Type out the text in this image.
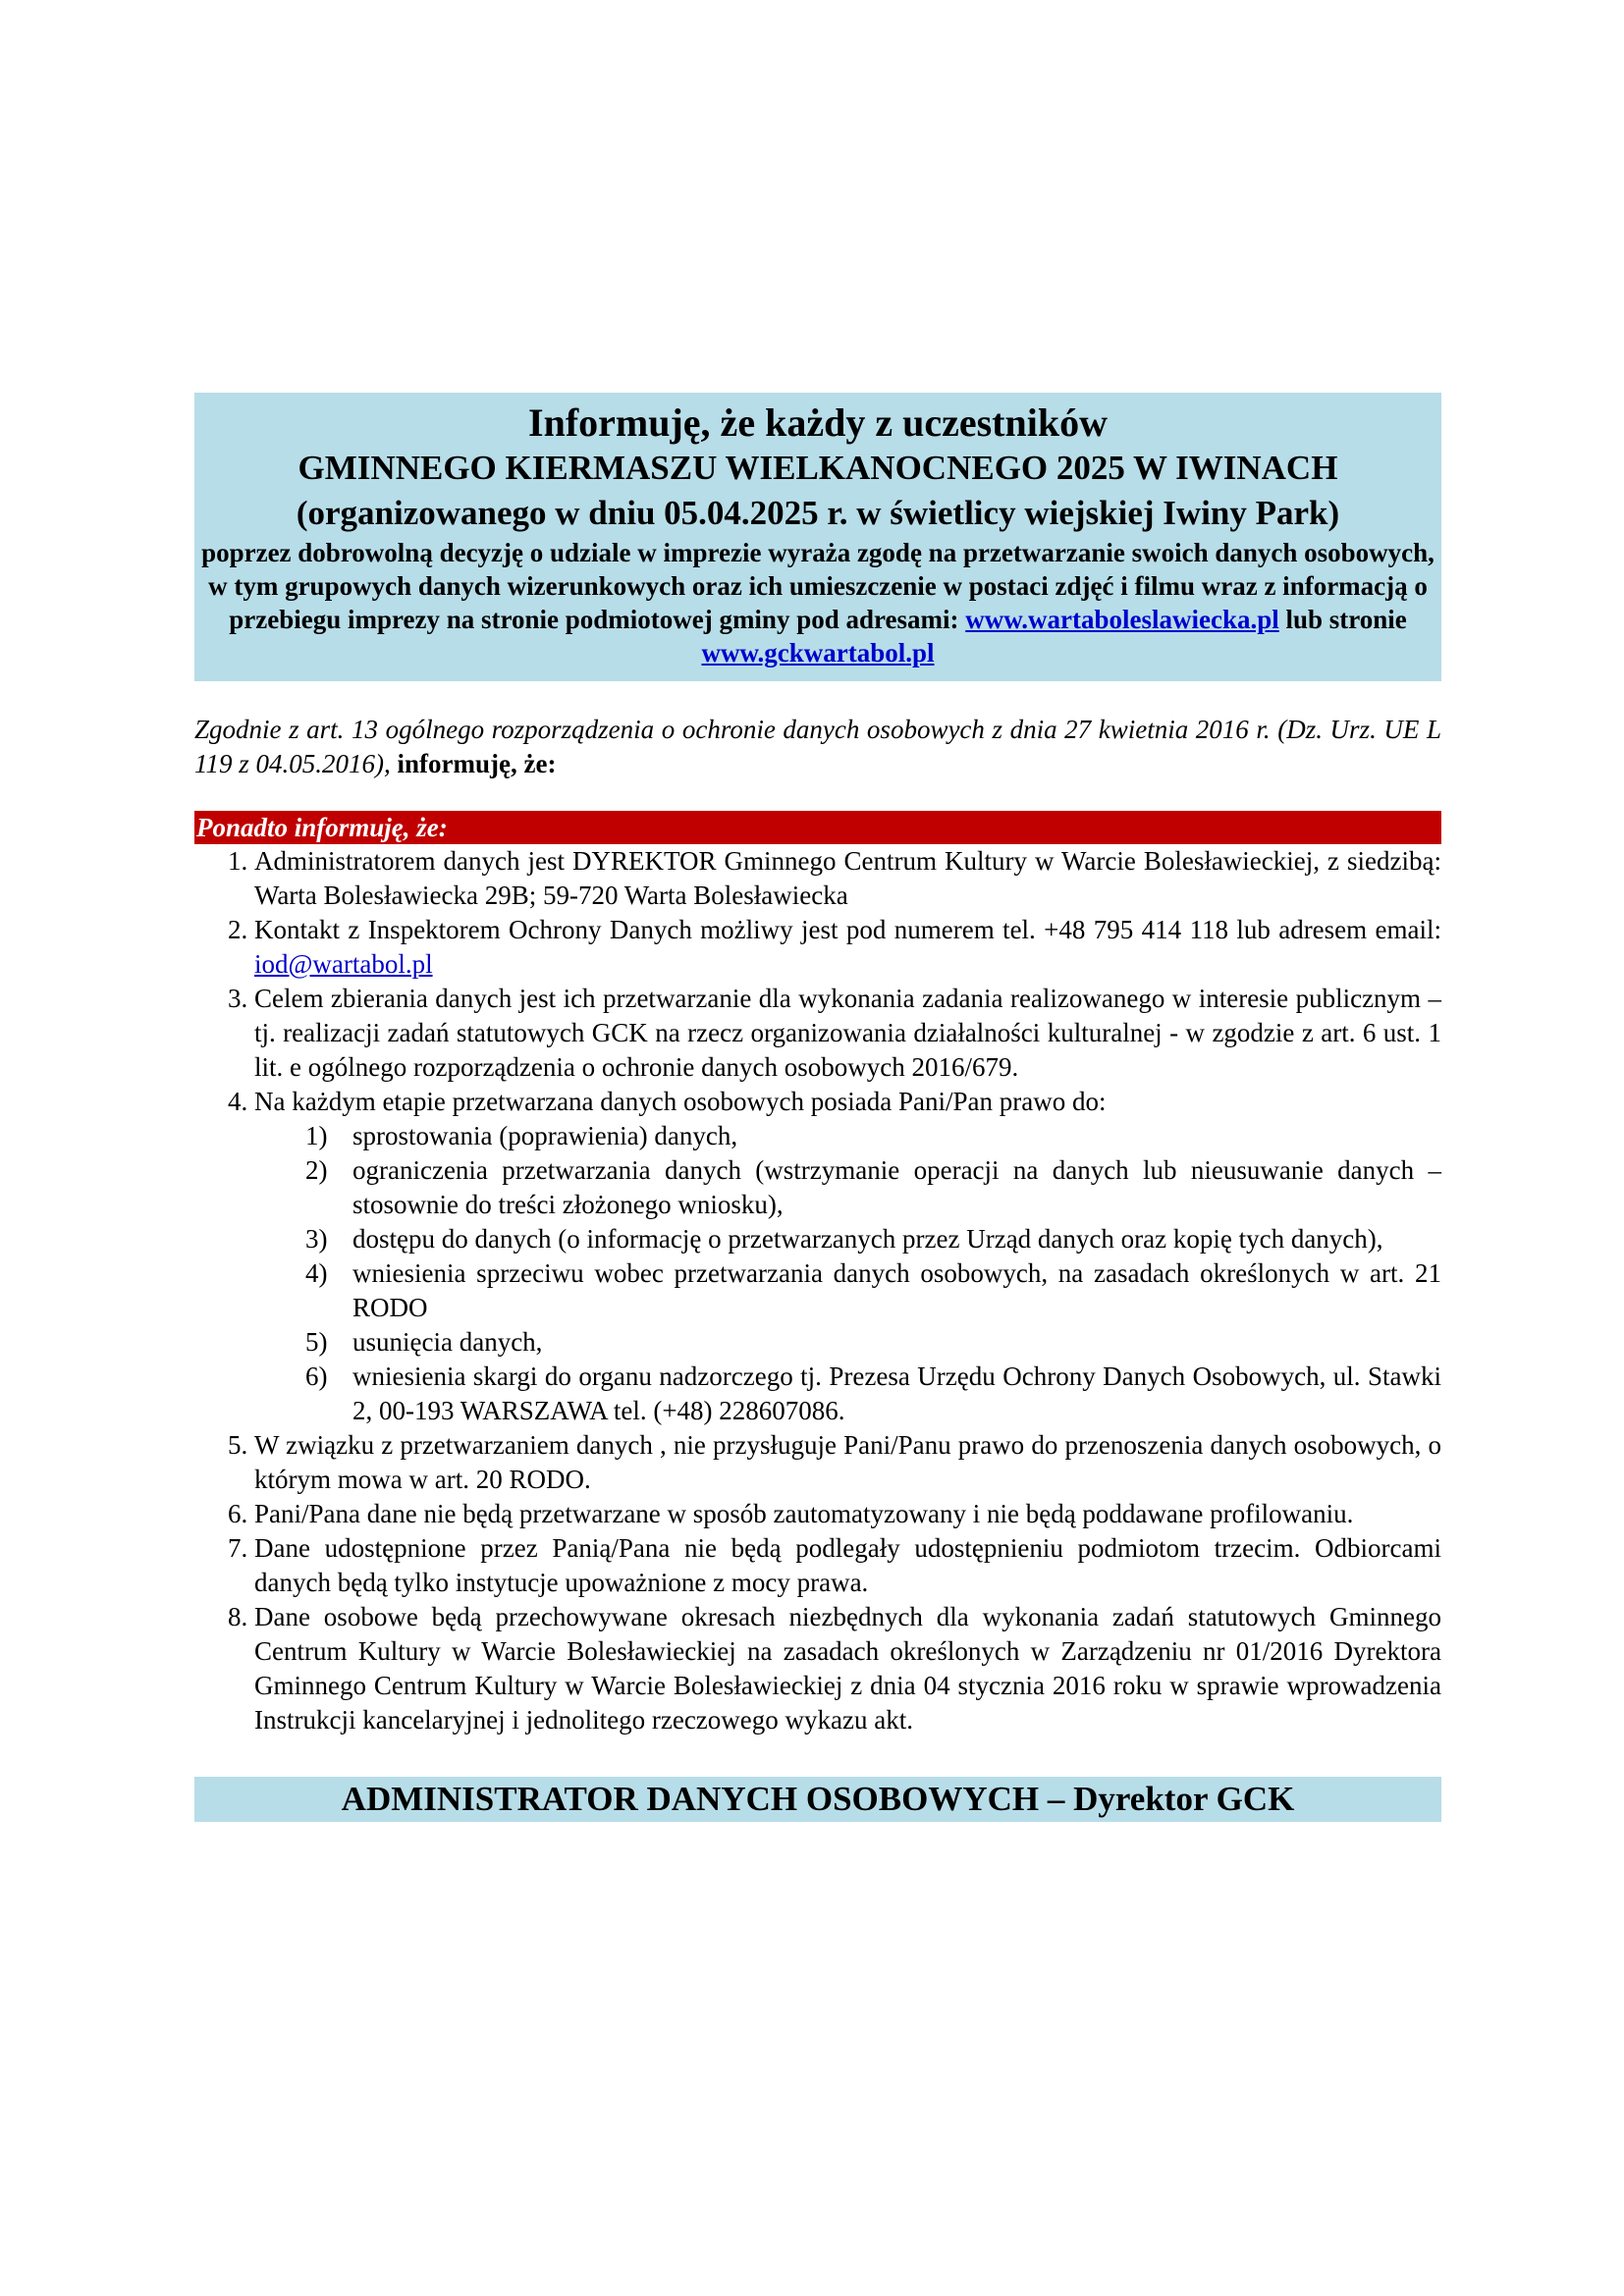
Informuję, że każdy z uczestników
GMINNEGO KIERMASZU WIELKANOCNEGO 2025 W IWINACH
(organizowanego w dniu 05.04.2025 r. w świetlicy wiejskiej Iwiny Park)
poprzez dobrowolną decyzję o udziale w imprezie wyraża zgodę na przetwarzanie swoich danych osobowych, w tym grupowych danych wizerunkowych oraz ich umieszczenie w postaci zdjęć i filmu wraz z informacją o przebiegu imprezy na stronie podmiotowej gminy pod adresami: www.wartaboleslawiecka.pl lub stronie www.gckwartabol.pl

Zgodnie z art. 13 ogólnego rozporządzenia o ochronie danych osobowych z dnia 27 kwietnia 2016 r. (Dz. Urz. UE L 119 z 04.05.2016), informuję, że:

Ponadto informuję, że:
1. Administratorem danych jest DYREKTOR Gminnego Centrum Kultury w Warcie Bolesławieckiej, z siedzibą: Warta Bolesławiecka 29B; 59-720 Warta Bolesławiecka
2. Kontakt z Inspektorem Ochrony Danych możliwy jest pod numerem tel. +48 795 414 118 lub adresem email: iod@wartabol.pl
3. Celem zbierania danych jest ich przetwarzanie dla wykonania zadania realizowanego w interesie publicznym – tj. realizacji zadań statutowych GCK na rzecz organizowania działalności kulturalnej - w zgodzie z art. 6 ust. 1 lit. e ogólnego rozporządzenia o ochronie danych osobowych 2016/679.
4. Na każdym etapie przetwarzana danych osobowych posiada Pani/Pan prawo do:
1) sprostowania (poprawienia) danych,
2) ograniczenia przetwarzania danych (wstrzymanie operacji na danych lub nieusuwanie danych – stosownie do treści złożonego wniosku),
3) dostępu do danych (o informację o przetwarzanych przez Urząd danych oraz kopię tych danych),
4) wniesienia sprzeciwu wobec przetwarzania danych osobowych, na zasadach określonych w art. 21 RODO
5) usunięcia danych,
6) wniesienia skargi do organu nadzorczego tj. Prezesa Urzędu Ochrony Danych Osobowych, ul. Stawki 2, 00-193 WARSZAWA tel. (+48) 228607086.
5. W związku z przetwarzaniem danych , nie przysługuje Pani/Panu prawo do przenoszenia danych osobowych, o którym mowa w art. 20 RODO.
6. Pani/Pana dane nie będą przetwarzane w sposób zautomatyzowany i nie będą poddawane profilowaniu.
7. Dane udostępnione przez Panią/Pana nie będą podlegały udostępnieniu podmiotom trzecim. Odbiorcami danych będą tylko instytucje upoważnione z mocy prawa.
8. Dane osobowe będą przechowywane okresach niezbędnych dla wykonania zadań statutowych Gminnego Centrum Kultury w Warcie Bolesławieckiej na zasadach określonych w Zarządzeniu nr 01/2016 Dyrektora Gminnego Centrum Kultury w Warcie Bolesławieckiej z dnia 04 stycznia 2016 roku w sprawie wprowadzenia Instrukcji kancelaryjnej i jednolitego rzeczowego wykazu akt.
ADMINISTRATOR DANYCH OSOBOWYCH – Dyrektor GCK
